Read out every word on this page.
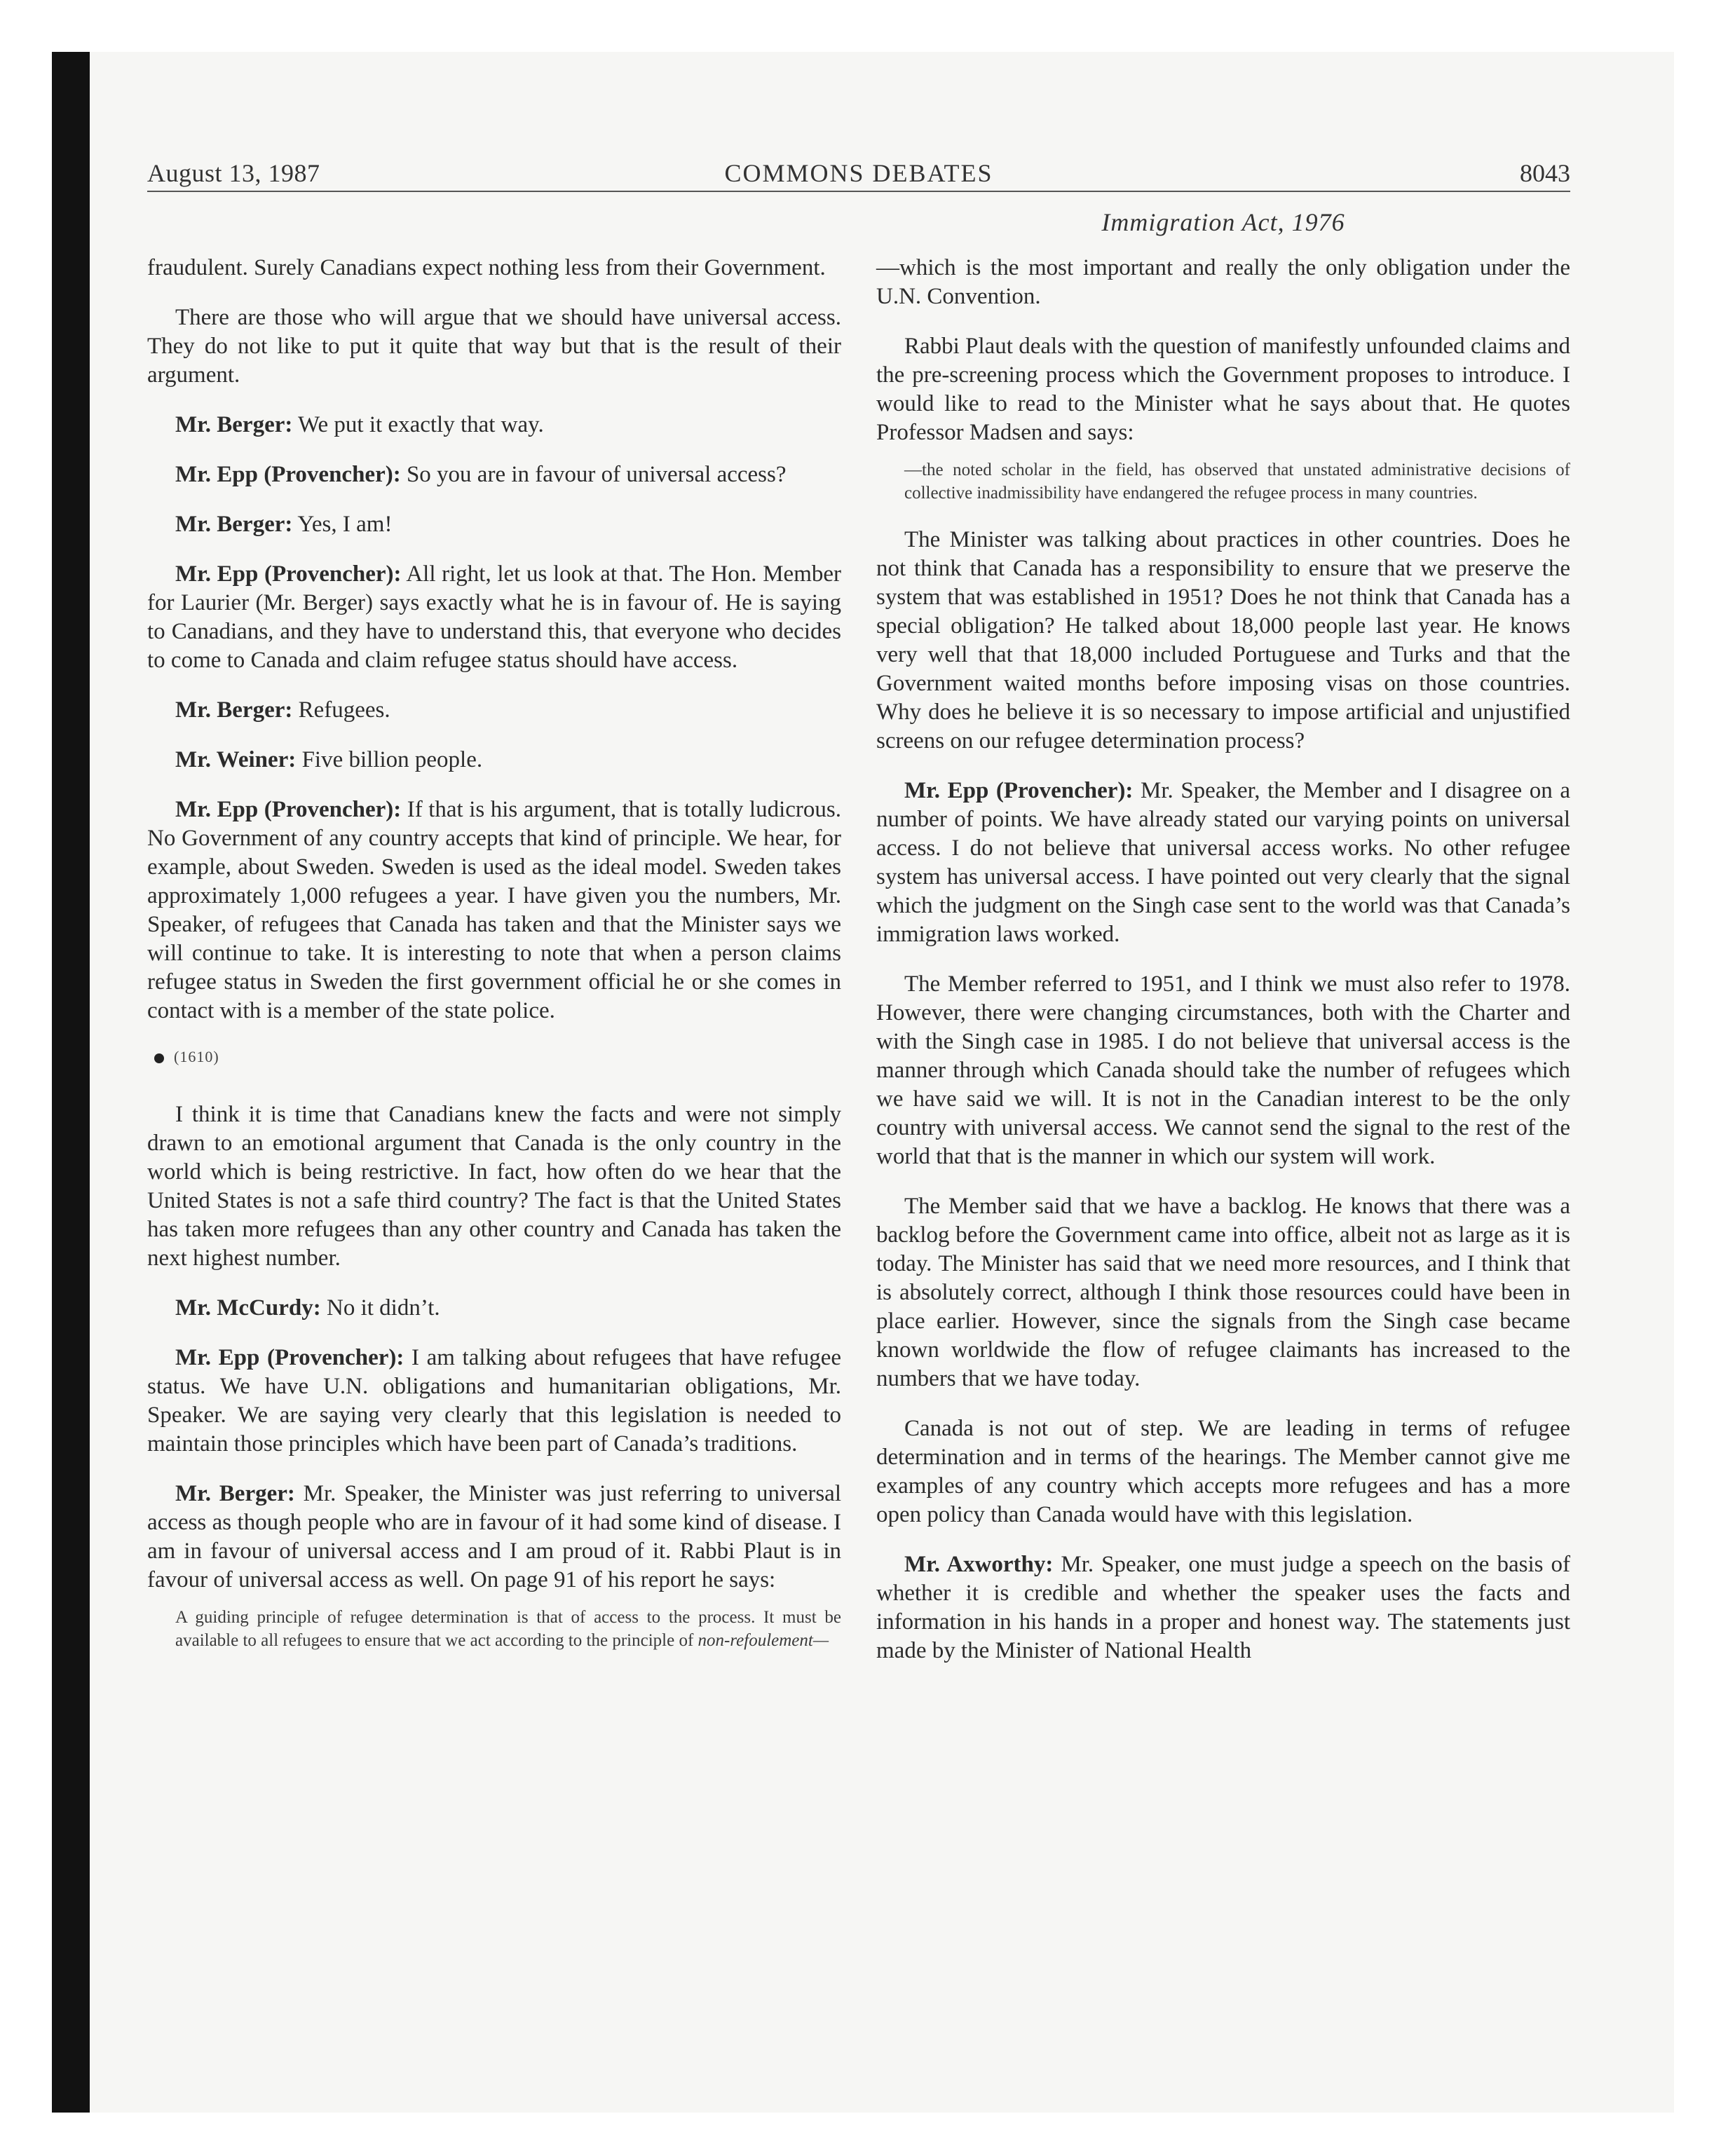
August 13, 1987	COMMONS DEBATES	8043
Immigration Act, 1976

fraudulent. Surely Canadians expect nothing less from their Government.

There are those who will argue that we should have universal access. They do not like to put it quite that way but that is the result of their argument.

Mr. Berger: We put it exactly that way.

Mr. Epp (Provencher): So you are in favour of universal access?

Mr. Berger: Yes, I am!

Mr. Epp (Provencher): All right, let us look at that. The Hon. Member for Laurier (Mr. Berger) says exactly what he is in favour of. He is saying to Canadians, and they have to understand this, that everyone who decides to come to Canada and claim refugee status should have access.

Mr. Berger: Refugees.

Mr. Weiner: Five billion people.

Mr. Epp (Provencher): If that is his argument, that is totally ludicrous. No Government of any country accepts that kind of principle. We hear, for example, about Sweden. Sweden is used as the ideal model. Sweden takes approximately 1,000 refugees a year. I have given you the numbers, Mr. Speaker, of refugees that Canada has taken and that the Minister says we will continue to take. It is interesting to note that when a person claims refugee status in Sweden the first government official he or she comes in contact with is a member of the state police.

(1610)

I think it is time that Canadians knew the facts and were not simply drawn to an emotional argument that Canada is the only country in the world which is being restrictive. In fact, how often do we hear that the United States is not a safe third country? The fact is that the United States has taken more refugees than any other country and Canada has taken the next highest number.

Mr. McCurdy: No it didn’t.

Mr. Epp (Provencher): I am talking about refugees that have refugee status. We have U.N. obligations and humanitarian obligations, Mr. Speaker. We are saying very clearly that this legislation is needed to maintain those principles which have been part of Canada’s traditions.

Mr. Berger: Mr. Speaker, the Minister was just referring to universal access as though people who are in favour of it had some kind of disease. I am in favour of universal access and I am proud of it. Rabbi Plaut is in favour of universal access as well. On page 91 of his report he says:

A guiding principle of refugee determination is that of access to the process. It must be available to all refugees to ensure that we act according to the principle of non-refoulement—

—which is the most important and really the only obligation under the U.N. Convention.

Rabbi Plaut deals with the question of manifestly unfounded claims and the pre-screening process which the Government proposes to introduce. I would like to read to the Minister what he says about that. He quotes Professor Madsen and says:

—the noted scholar in the field, has observed that unstated administrative decisions of collective inadmissibility have endangered the refugee process in many countries.

The Minister was talking about practices in other countries. Does he not think that Canada has a responsibility to ensure that we preserve the system that was established in 1951? Does he not think that Canada has a special obligation? He talked about 18,000 people last year. He knows very well that that 18,000 included Portuguese and Turks and that the Government waited months before imposing visas on those countries. Why does he believe it is so necessary to impose artificial and unjustified screens on our refugee determination process?

Mr. Epp (Provencher): Mr. Speaker, the Member and I disagree on a number of points. We have already stated our varying points on universal access. I do not believe that universal access works. No other refugee system has universal access. I have pointed out very clearly that the signal which the judgment on the Singh case sent to the world was that Canada’s immigration laws worked.

The Member referred to 1951, and I think we must also refer to 1978. However, there were changing circumstances, both with the Charter and with the Singh case in 1985. I do not believe that universal access is the manner through which Canada should take the number of refugees which we have said we will. It is not in the Canadian interest to be the only country with universal access. We cannot send the signal to the rest of the world that that is the manner in which our system will work.

The Member said that we have a backlog. He knows that there was a backlog before the Government came into office, albeit not as large as it is today. The Minister has said that we need more resources, and I think that is absolutely correct, although I think those resources could have been in place earlier. However, since the signals from the Singh case became known worldwide the flow of refugee claimants has increased to the numbers that we have today.

Canada is not out of step. We are leading in terms of refugee determination and in terms of the hearings. The Member cannot give me examples of any country which accepts more refugees and has a more open policy than Canada would have with this legislation.

Mr. Axworthy: Mr. Speaker, one must judge a speech on the basis of whether it is credible and whether the speaker uses the facts and information in his hands in a proper and honest way. The statements just made by the Minister of National Health
